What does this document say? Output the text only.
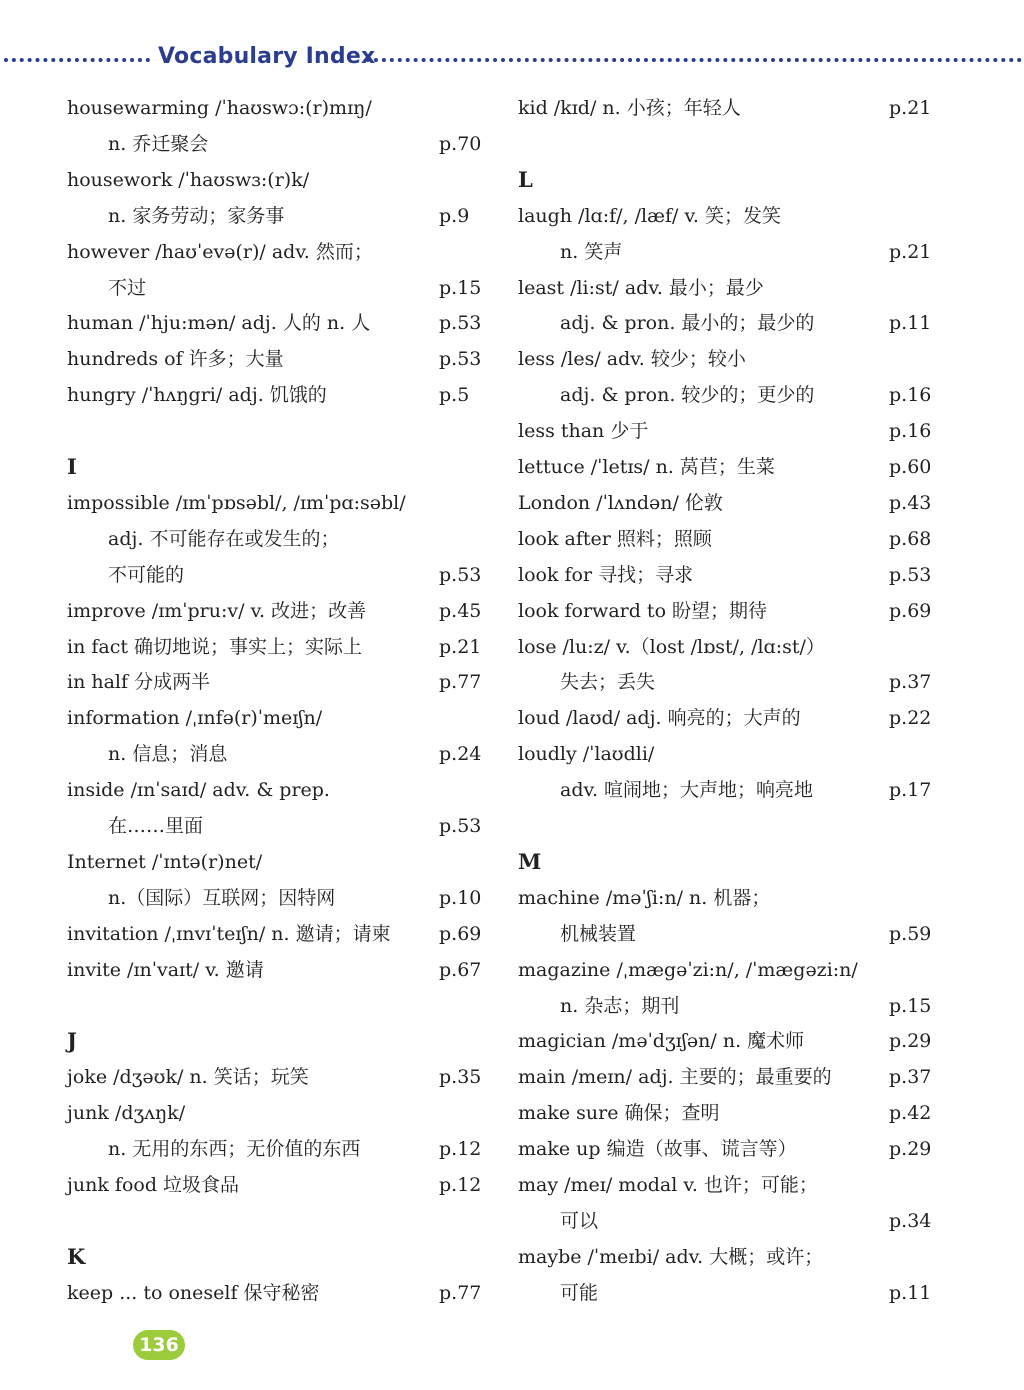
Vocabulary Index
housewarming /ˈhaʊswɔ:(r)mɪŋ/
n. 乔迁聚会	p.70
housework /ˈhaʊswɜ:(r)k/
n. 家务劳动；家务事	p.9
however /haʊˈevə(r)/ adv. 然而；
不过	p.15
human /ˈhju:mən/ adj. 人的 n. 人	p.53
hundreds of 许多；大量	p.53
hungry /ˈhʌŋgri/ adj. 饥饿的	p.5
I
impossible /ɪmˈpɒsəbl/, /ɪmˈpɑ:səbl/
adj. 不可能存在或发生的；
不可能的	p.53
improve /ɪmˈpru:v/ v. 改进；改善	p.45
in fact 确切地说；事实上；实际上	p.21
in half 分成两半	p.77
information /ˌɪnfə(r)ˈmeɪʃn/
n. 信息；消息	p.24
inside /ɪnˈsaɪd/ adv. & prep.
在……里面	p.53
Internet /ˈɪntə(r)net/
n.（国际）互联网；因特网	p.10
invitation /ˌɪnvɪˈteɪʃn/ n. 邀请；请柬	p.69
invite /ɪnˈvaɪt/ v. 邀请	p.67
J
joke /dʒəʊk/ n. 笑话；玩笑	p.35
junk /dʒʌŋk/
n. 无用的东西；无价值的东西	p.12
junk food 垃圾食品	p.12
K
keep ... to oneself 保守秘密	p.77
kid /kɪd/ n. 小孩；年轻人	p.21
L
laugh /lɑ:f/, /læf/ v. 笑；发笑
n. 笑声	p.21
least /li:st/ adv. 最小；最少
adj. & pron. 最小的；最少的	p.11
less /les/ adv. 较少；较小
adj. & pron. 较少的；更少的	p.16
less than 少于	p.16
lettuce /ˈletɪs/ n. 莴苣；生菜	p.60
London /ˈlʌndən/ 伦敦	p.43
look after 照料；照顾	p.68
look for 寻找；寻求	p.53
look forward to 盼望；期待	p.69
lose /lu:z/ v.（lost /lɒst/, /lɑ:st/）
失去；丢失	p.37
loud /laʊd/ adj. 响亮的；大声的	p.22
loudly /ˈlaʊdli/
adv. 喧闹地；大声地；响亮地	p.17
M
machine /məˈʃi:n/ n. 机器；
机械装置	p.59
magazine /ˌmægəˈzi:n/, /ˈmægəzi:n/
n. 杂志；期刊	p.15
magician /məˈdʒɪʃən/ n. 魔术师	p.29
main /meɪn/ adj. 主要的；最重要的	p.37
make sure 确保；查明	p.42
make up 编造（故事、谎言等）	p.29
may /meɪ/ modal v. 也许；可能；
可以	p.34
maybe /ˈmeɪbi/ adv. 大概；或许；
可能	p.11
136
